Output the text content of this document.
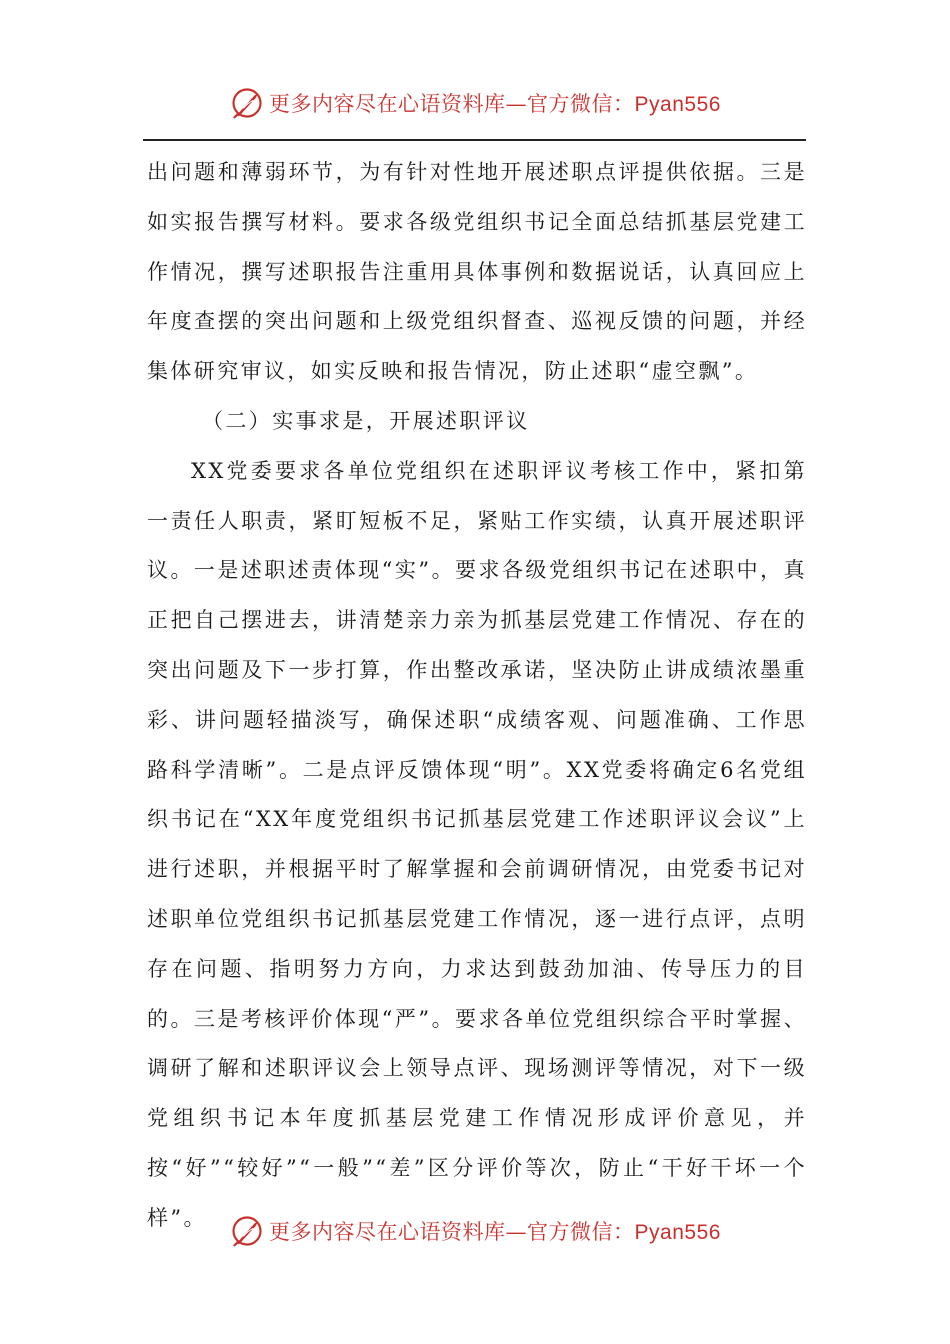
更多内容尽在心语资料库—官方微信：Pyan556

出问题和薄弱环节，为有针对性地开展述职点评提供依据。三是如实报告撰写材料。要求各级党组织书记全面总结抓基层党建工作情况，撰写述职报告注重用具体事例和数据说话，认真回应上年度查摆的突出问题和上级党组织督查、巡视反馈的问题，并经集体研究审议，如实反映和报告情况，防止述职“虚空飘”。

（二）实事求是，开展述职评议

XX党委要求各单位党组织在述职评议考核工作中，紧扣第一责任人职责，紧盯短板不足，紧贴工作实绩，认真开展述职评议。一是述职述责体现“实”。要求各级党组织书记在述职中，真正把自己摆进去，讲清楚亲力亲为抓基层党建工作情况、存在的突出问题及下一步打算，作出整改承诺，坚决防止讲成绩浓墨重彩、讲问题轻描淡写，确保述职“成绩客观、问题准确、工作思路科学清晰”。二是点评反馈体现“明”。XX党委将确定6名党组织书记在“XX年度党组织书记抓基层党建工作述职评议会议”上进行述职，并根据平时了解掌握和会前调研情况，由党委书记对述职单位党组织书记抓基层党建工作情况，逐一进行点评，点明存在问题、指明努力方向，力求达到鼓劲加油、传导压力的目的。三是考核评价体现“严”。要求各单位党组织综合平时掌握、调研了解和述职评议会上领导点评、现场测评等情况，对下一级党组织书记本年度抓基层党建工作情况形成评价意见，并按“好”“较好”“一般”“差”区分评价等次，防止“干好干坏一个样”。

更多内容尽在心语资料库—官方微信：Pyan556
